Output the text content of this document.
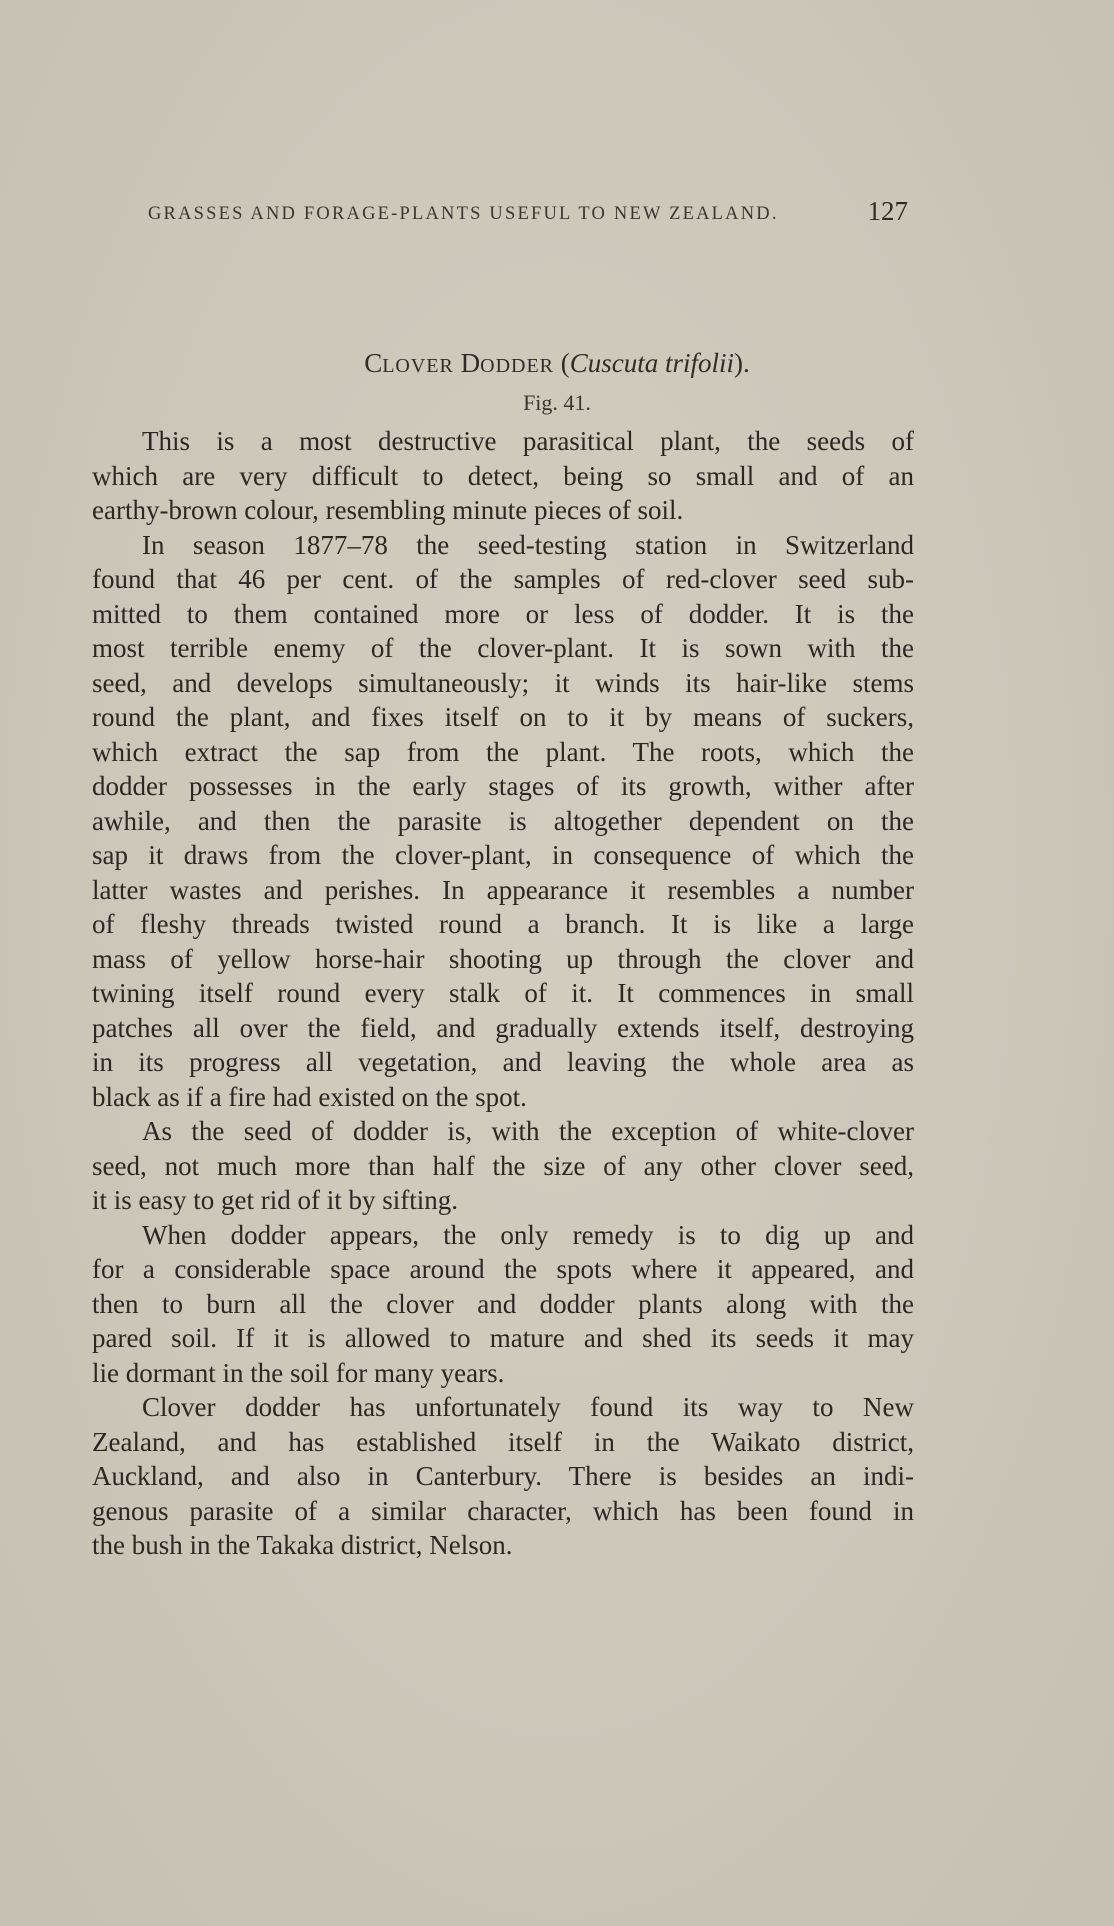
GRASSES AND FORAGE-PLANTS USEFUL TO NEW ZEALAND.	127
CLOVER DODDER (Cuscuta trifolii).
Fig. 41.
This is a most destructive parasitical plant, the seeds of
which are very difficult to detect, being so small and of an
earthy-brown colour, resembling minute pieces of soil.
In season 1877–78 the seed-testing station in Switzerland
found that 46 per cent. of the samples of red-clover seed sub-
mitted to them contained more or less of dodder. It is the
most terrible enemy of the clover-plant. It is sown with the
seed, and develops simultaneously; it winds its hair-like stems
round the plant, and fixes itself on to it by means of suckers,
which extract the sap from the plant. The roots, which the
dodder possesses in the early stages of its growth, wither after
awhile, and then the parasite is altogether dependent on the
sap it draws from the clover-plant, in consequence of which the
latter wastes and perishes. In appearance it resembles a number
of fleshy threads twisted round a branch. It is like a large
mass of yellow horse-hair shooting up through the clover and
twining itself round every stalk of it. It commences in small
patches all over the field, and gradually extends itself, destroying
in its progress all vegetation, and leaving the whole area as
black as if a fire had existed on the spot.
As the seed of dodder is, with the exception of white-clover
seed, not much more than half the size of any other clover seed,
it is easy to get rid of it by sifting.
When dodder appears, the only remedy is to dig up and
for a considerable space around the spots where it appeared, and
then to burn all the clover and dodder plants along with the
pared soil. If it is allowed to mature and shed its seeds it may
lie dormant in the soil for many years.
Clover dodder has unfortunately found its way to New
Zealand, and has established itself in the Waikato district,
Auckland, and also in Canterbury. There is besides an indi-
genous parasite of a similar character, which has been found in
the bush in the Takaka district, Nelson.
